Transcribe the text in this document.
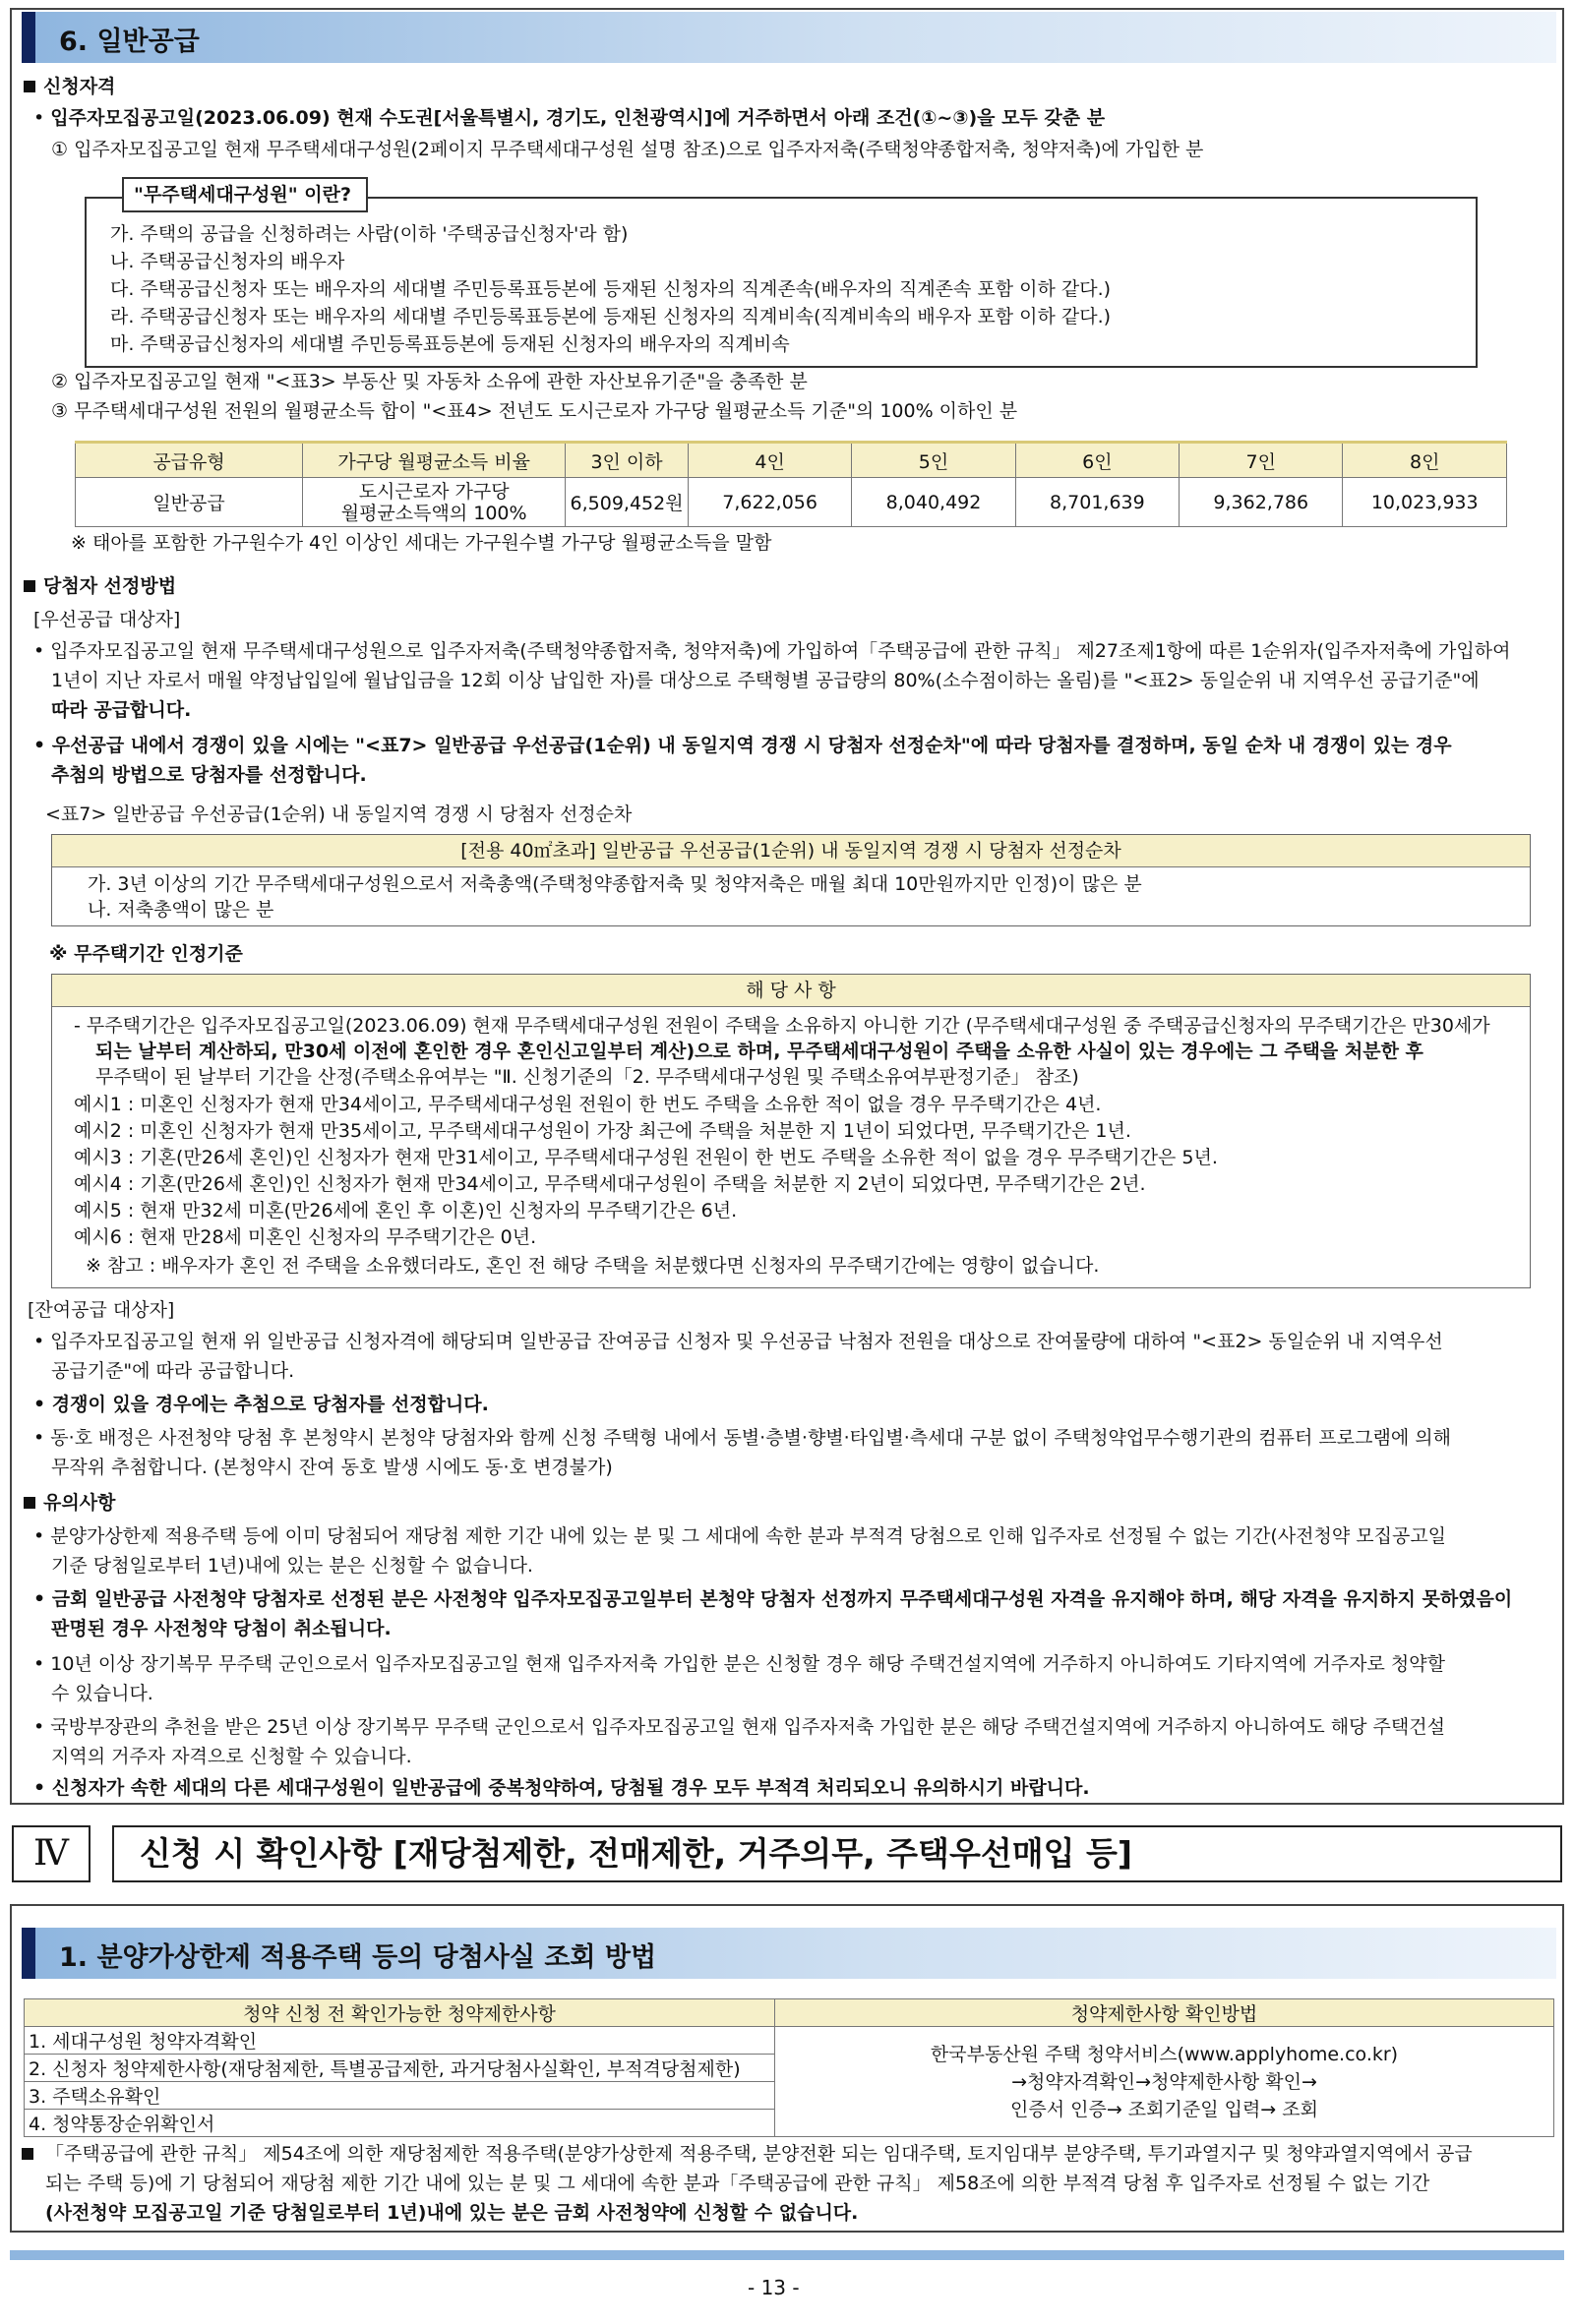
6. 일반공급
신청자격
• 입주자모집공고일(2023.06.09) 현재 수도권[서울특별시, 경기도, 인천광역시]에 거주하면서 아래 조건(①~③)을 모두 갖춘 분
① 입주자모집공고일 현재 무주택세대구성원(2페이지 무주택세대구성원 설명 참조)으로 입주자저축(주택청약종합저축, 청약저축)에 가입한 분
"무주택세대구성원" 이란?
가. 주택의 공급을 신청하려는 사람(이하 '주택공급신청자'라 함)
나. 주택공급신청자의 배우자
다. 주택공급신청자 또는 배우자의 세대별 주민등록표등본에 등재된 신청자의 직계존속(배우자의 직계존속 포함 이하 같다.)
라. 주택공급신청자 또는 배우자의 세대별 주민등록표등본에 등재된 신청자의 직계비속(직계비속의 배우자 포함 이하 같다.)
마. 주택공급신청자의 세대별 주민등록표등본에 등재된 신청자의 배우자의 직계비속
② 입주자모집공고일 현재 "<표3> 부동산 및 자동차 소유에 관한 자산보유기준"을 충족한 분
③ 무주택세대구성원 전원의 월평균소득 합이 "<표4> 전년도 도시근로자 가구당 월평균소득 기준"의 100% 이하인 분
공급유형	가구당 월평균소득 비율	3인 이하	4인	5인	6인	7인	8인
일반공급	도시근로자 가구당
월평균소득액의 100%	6,509,452원	7,622,056	8,040,492	8,701,639	9,362,786	10,023,933
※ 태아를 포함한 가구원수가 4인 이상인 세대는 가구원수별 가구당 월평균소득을 말함
당첨자 선정방법
[우선공급 대상자]
• 입주자모집공고일 현재 무주택세대구성원으로 입주자저축(주택청약종합저축, 청약저축)에 가입하여「주택공급에 관한 규칙」 제27조제1항에 따른 1순위자(입주자저축에 가입하여
1년이 지난 자로서 매월 약정납입일에 월납입금을 12회 이상 납입한 자)를 대상으로 주택형별 공급량의 80%(소수점이하는 올림)를 "<표2> 동일순위 내 지역우선 공급기준"에
따라 공급합니다.
• 우선공급 내에서 경쟁이 있을 시에는 "<표7> 일반공급 우선공급(1순위) 내 동일지역 경쟁 시 당첨자 선정순차"에 따라 당첨자를 결정하며, 동일 순차 내 경쟁이 있는 경우
추첨의 방법으로 당첨자를 선정합니다.
<표7> 일반공급 우선공급(1순위) 내 동일지역 경쟁 시 당첨자 선정순차
[전용 40㎡초과] 일반공급 우선공급(1순위) 내 동일지역 경쟁 시 당첨자 선정순차
가. 3년 이상의 기간 무주택세대구성원으로서 저축총액(주택청약종합저축 및 청약저축은 매월 최대 10만원까지만 인정)이 많은 분
나. 저축총액이 많은 분
※ 무주택기간 인정기준
해 당 사 항
- 무주택기간은 입주자모집공고일(2023.06.09) 현재 무주택세대구성원 전원이 주택을 소유하지 아니한 기간 (무주택세대구성원 중 주택공급신청자의 무주택기간은 만30세가
되는 날부터 계산하되, 만30세 이전에 혼인한 경우 혼인신고일부터 계산)으로 하며, 무주택세대구성원이 주택을 소유한 사실이 있는 경우에는 그 주택을 처분한 후
무주택이 된 날부터 기간을 산정(주택소유여부는 "Ⅱ. 신청기준의「2. 무주택세대구성원 및 주택소유여부판정기준」 참조)
예시1 : 미혼인 신청자가 현재 만34세이고, 무주택세대구성원 전원이 한 번도 주택을 소유한 적이 없을 경우 무주택기간은 4년.
예시2 : 미혼인 신청자가 현재 만35세이고, 무주택세대구성원이 가장 최근에 주택을 처분한 지 1년이 되었다면, 무주택기간은 1년.
예시3 : 기혼(만26세 혼인)인 신청자가 현재 만31세이고, 무주택세대구성원 전원이 한 번도 주택을 소유한 적이 없을 경우 무주택기간은 5년.
예시4 : 기혼(만26세 혼인)인 신청자가 현재 만34세이고, 무주택세대구성원이 주택을 처분한 지 2년이 되었다면, 무주택기간은 2년.
예시5 : 현재 만32세 미혼(만26세에 혼인 후 이혼)인 신청자의 무주택기간은 6년.
예시6 : 현재 만28세 미혼인 신청자의 무주택기간은 0년.
※ 참고 : 배우자가 혼인 전 주택을 소유했더라도, 혼인 전 해당 주택을 처분했다면 신청자의 무주택기간에는 영향이 없습니다.
[잔여공급 대상자]
• 입주자모집공고일 현재 위 일반공급 신청자격에 해당되며 일반공급 잔여공급 신청자 및 우선공급 낙첨자 전원을 대상으로 잔여물량에 대하여 "<표2> 동일순위 내 지역우선
공급기준"에 따라 공급합니다.
• 경쟁이 있을 경우에는 추첨으로 당첨자를 선정합니다.
• 동·호 배정은 사전청약 당첨 후 본청약시 본청약 당첨자와 함께 신청 주택형 내에서 동별·층별·향별·타입별·측세대 구분 없이 주택청약업무수행기관의 컴퓨터 프로그램에 의해
무작위 추첨합니다. (본청약시 잔여 동호 발생 시에도 동·호 변경불가)
유의사항
• 분양가상한제 적용주택 등에 이미 당첨되어 재당첨 제한 기간 내에 있는 분 및 그 세대에 속한 분과 부적격 당첨으로 인해 입주자로 선정될 수 없는 기간(사전청약 모집공고일
기준 당첨일로부터 1년)내에 있는 분은 신청할 수 없습니다.
• 금회 일반공급 사전청약 당첨자로 선정된 분은 사전청약 입주자모집공고일부터 본청약 당첨자 선정까지 무주택세대구성원 자격을 유지해야 하며, 해당 자격을 유지하지 못하였음이
판명된 경우 사전청약 당첨이 취소됩니다.
• 10년 이상 장기복무 무주택 군인으로서 입주자모집공고일 현재 입주자저축 가입한 분은 신청할 경우 해당 주택건설지역에 거주하지 아니하여도 기타지역에 거주자로 청약할
수 있습니다.
• 국방부장관의 추천을 받은 25년 이상 장기복무 무주택 군인으로서 입주자모집공고일 현재 입주자저축 가입한 분은 해당 주택건설지역에 거주하지 아니하여도 해당 주택건설
지역의 거주자 자격으로 신청할 수 있습니다.
• 신청자가 속한 세대의 다른 세대구성원이 일반공급에 중복청약하여, 당첨될 경우 모두 부적격 처리되오니 유의하시기 바랍니다.
Ⅳ	신청 시 확인사항 [재당첨제한, 전매제한, 거주의무, 주택우선매입 등]
1. 분양가상한제 적용주택 등의 당첨사실 조회 방법
청약 신청 전 확인가능한 청약제한사항	청약제한사항 확인방법
1. 세대구성원 청약자격확인	한국부동산원 주택 청약서비스(www.applyhome.co.kr)
→청약자격확인→청약제한사항 확인→
인증서 인증→ 조회기준일 입력→ 조회
2. 신청자 청약제한사항(재당첨제한, 특별공급제한, 과거당첨사실확인, 부적격당첨제한)	
3. 주택소유확인	
4. 청약통장순위확인서	
「주택공급에 관한 규칙」 제54조에 의한 재당첨제한 적용주택(분양가상한제 적용주택, 분양전환 되는 임대주택, 토지임대부 분양주택, 투기과열지구 및 청약과열지역에서 공급
되는 주택 등)에 기 당첨되어 재당첨 제한 기간 내에 있는 분 및 그 세대에 속한 분과「주택공급에 관한 규칙」 제58조에 의한 부적격 당첨 후 입주자로 선정될 수 없는 기간
(사전청약 모집공고일 기준 당첨일로부터 1년)내에 있는 분은 금회 사전청약에 신청할 수 없습니다.
- 13 -
